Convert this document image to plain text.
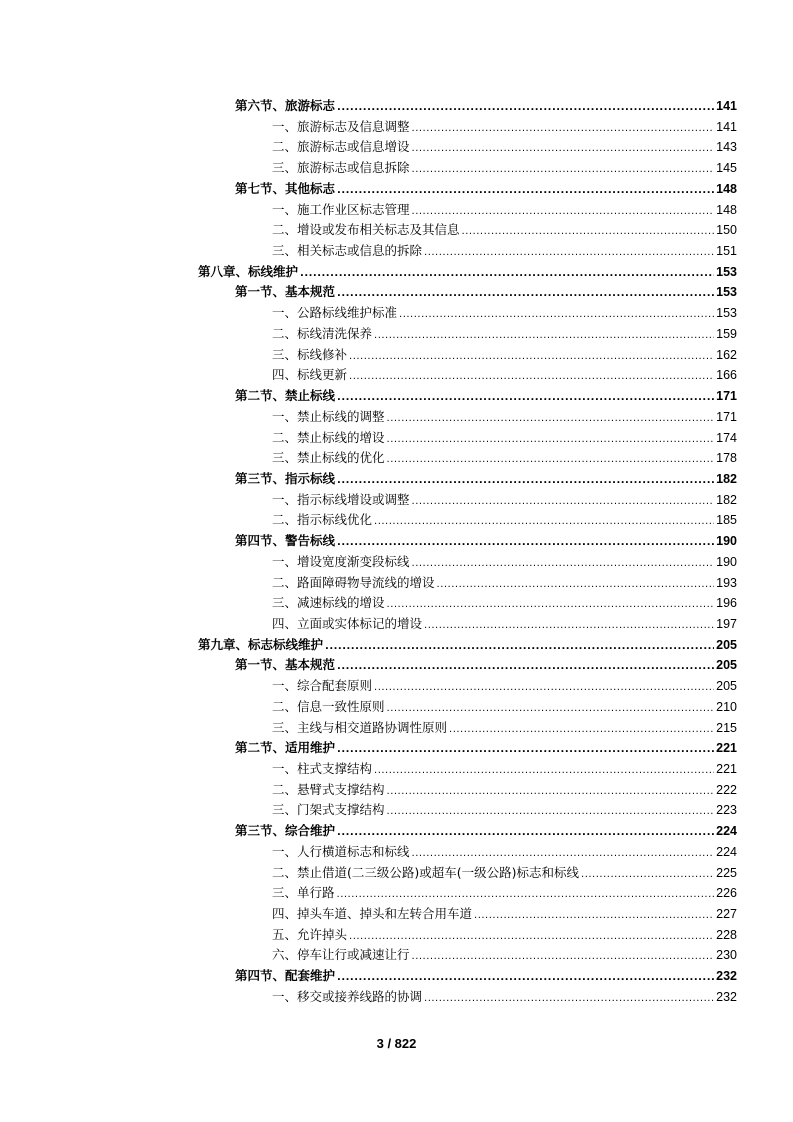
第六节、旅游标志 .....	141
一、旅游标志及信息调整 .....	141
二、旅游标志或信息增设 .....	143
三、旅游标志或信息拆除 .....	145
第七节、其他标志 .....	148
一、施工作业区标志管理 .....	148
二、增设或发布相关标志及其信息 .....	150
三、相关标志或信息的拆除 .....	151
第八章、标线维护 .....	153
第一节、基本规范 .....	153
一、公路标线维护标准 .....	153
二、标线清洗保养 .....	159
三、标线修补 .....	162
四、标线更新 .....	166
第二节、禁止标线 .....	171
一、禁止标线的调整 .....	171
二、禁止标线的增设 .....	174
三、禁止标线的优化 .....	178
第三节、指示标线 .....	182
一、指示标线增设或调整 .....	182
二、指示标线优化 .....	185
第四节、警告标线 .....	190
一、增设宽度渐变段标线 .....	190
二、路面障碍物导流线的增设 .....	193
三、减速标线的增设 .....	196
四、立面或实体标记的增设 .....	197
第九章、标志标线维护 .....	205
第一节、基本规范 .....	205
一、综合配套原则 .....	205
二、信息一致性原则 .....	210
三、主线与相交道路协调性原则 .....	215
第二节、适用维护 .....	221
一、柱式支撑结构 .....	221
二、悬臂式支撑结构 .....	222
三、门架式支撑结构 .....	223
第三节、综合维护 .....	224
一、人行横道标志和标线 .....	224
二、禁止借道(二三级公路)或超车(一级公路)标志和标线 .....	225
三、单行路 .....	226
四、掉头车道、掉头和左转合用车道 .....	227
五、允许掉头 .....	228
六、停车让行或减速让行 .....	230
第四节、配套维护 .....	232
一、移交或接养线路的协调 .....	232
3 / 822
